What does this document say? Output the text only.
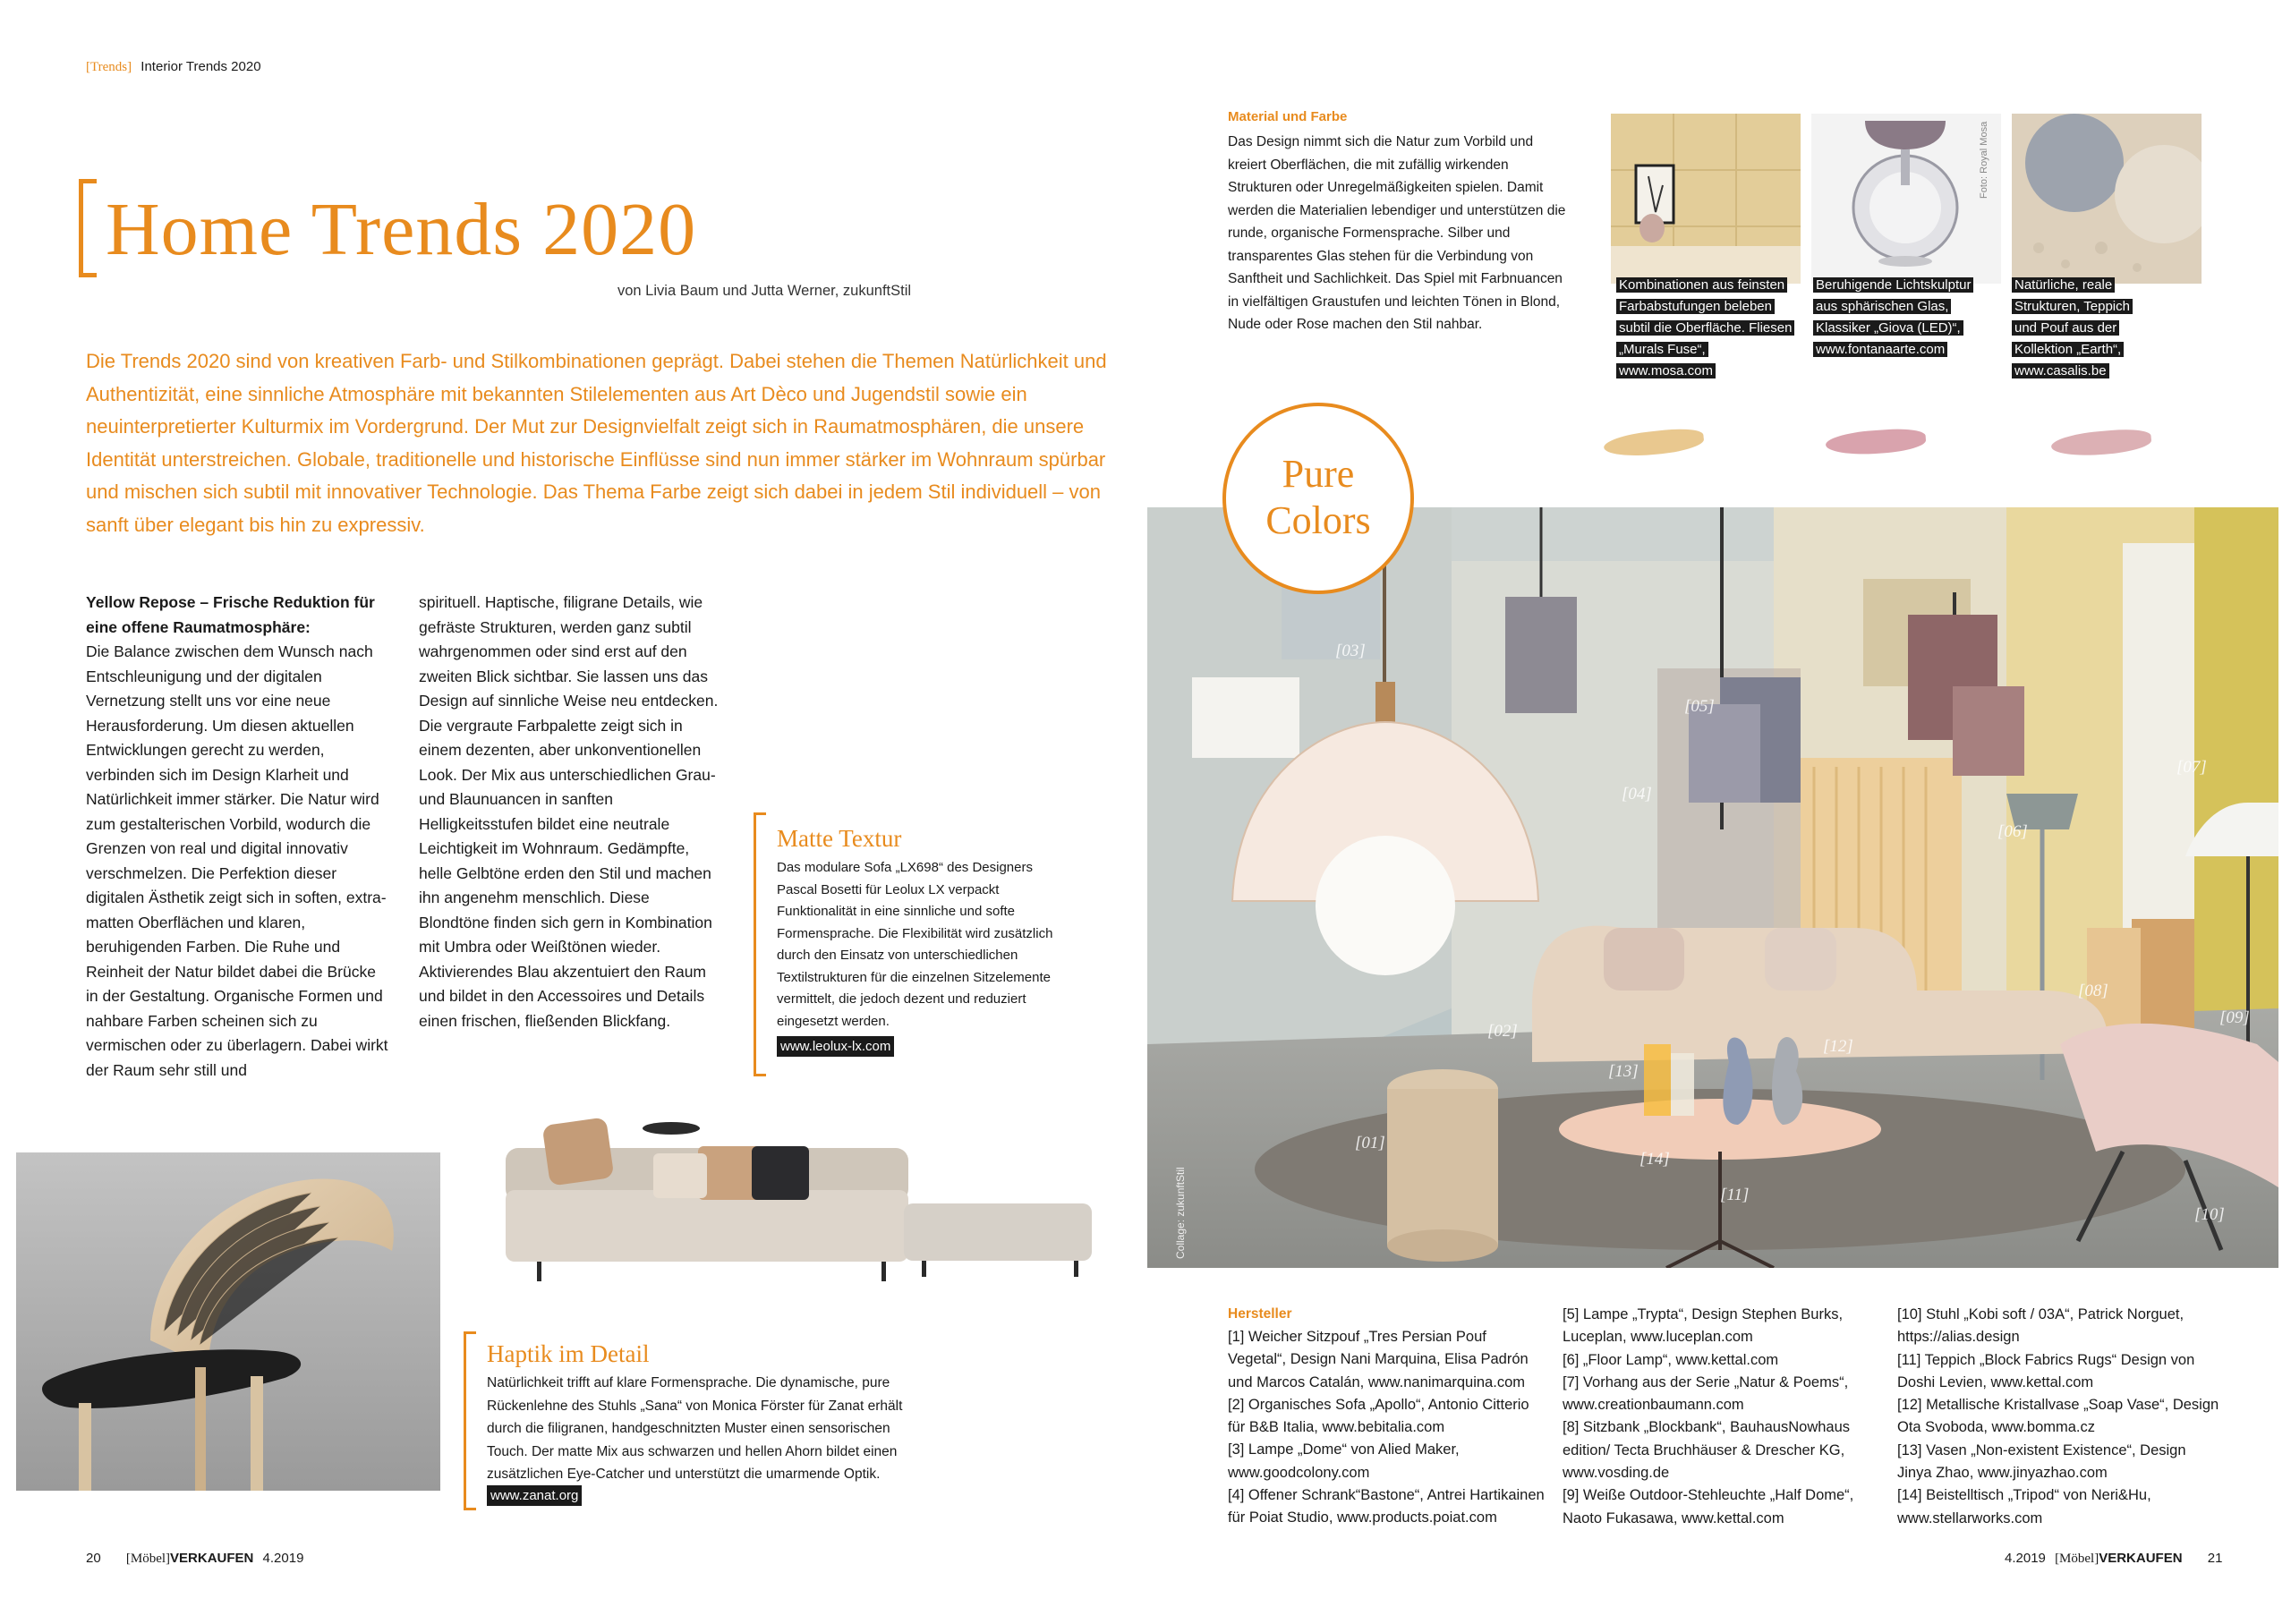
[Trends] Interior Trends 2020
Home Trends 2020
von Livia Baum und Jutta Werner, zukunftStil
Die Trends 2020 sind von kreativen Farb- und Stilkombinationen geprägt. Dabei stehen die Themen Natürlichkeit und Authentizität, eine sinnliche Atmosphäre mit bekannten Stilelementen aus Art Dèco und Jugendstil sowie ein neuinterpretierter Kulturmix im Vordergrund. Der Mut zur Designvielfalt zeigt sich in Raumatmosphären, die unsere Identität unterstreichen. Globale, traditionelle und historische Einflüsse sind nun immer stärker im Wohnraum spürbar und mischen sich subtil mit innovativer Technologie. Das Thema Farbe zeigt sich dabei in jedem Stil individuell – von sanft über elegant bis hin zu expressiv.
Yellow Repose – Frische Reduktion für eine offene Raumatmosphäre:
Die Balance zwischen dem Wunsch nach Entschleunigung und der digitalen Vernetzung stellt uns vor eine neue Herausforderung. Um diesen aktuellen Entwicklungen gerecht zu werden, verbinden sich im Design Klarheit und Natürlichkeit immer stärker. Die Natur wird zum gestalterischen Vorbild, wodurch die Grenzen von real und digital innovativ verschmelzen. Die Perfektion dieser digitalen Ästhetik zeigt sich in soften, extra-matten Oberflächen und klaren, beruhigenden Farben. Die Ruhe und Reinheit der Natur bildet dabei die Brücke in der Gestaltung. Organische Formen und nahbare Farben scheinen sich zu vermischen oder zu überlagern. Dabei wirkt der Raum sehr still und
spirituell. Haptische, filigrane Details, wie gefräste Strukturen, werden ganz subtil wahrgenommen oder sind erst auf den zweiten Blick sichtbar. Sie lassen uns das Design auf sinnliche Weise neu entdecken. Die vergraute Farbpalette zeigt sich in einem dezenten, aber unkonventionellen Look. Der Mix aus unterschiedlichen Grau- und Blaunuancen in sanften Helligkeitsstufen bildet eine neutrale Leichtigkeit im Wohnraum. Gedämpfte, helle Gelbtöne erden den Stil und machen ihn angenehm menschlich. Diese Blondtöne finden sich gern in Kombination mit Umbra oder Weißtönen wieder. Aktivierendes Blau akzentuiert den Raum und bildet in den Accessoires und Details einen frischen, fließenden Blickfang.
Matte Textur
Das modulare Sofa „LX698“ des Designers Pascal Bosetti für Leolux LX verpackt Funktionalität in eine sinnliche und softe Formensprache. Die Flexibilität wird zusätzlich durch den Einsatz von unterschiedlichen Textilstrukturen für die einzelnen Sitzelemente vermittelt, die jedoch dezent und reduziert eingesetzt werden.
www.leolux-lx.com
Haptik im Detail
Natürlichkeit trifft auf klare Formensprache. Die dynamische, pure Rückenlehne des Stuhls „Sana“ von Monica Förster für Zanat erhält durch die filigranen, handgeschnitzten Muster einen sensorischen Touch. Der matte Mix aus schwarzen und hellen Ahorn bildet einen zusätzlichen Eye-Catcher und unterstützt die umarmende Optik.
www.zanat.org
20 [Möbel]VERKAUFEN 4.2019
Material und Farbe
Das Design nimmt sich die Natur zum Vorbild und kreiert Oberflächen, die mit zufällig wirkenden Strukturen oder Unregelmäßigkeiten spielen. Damit werden die Materialien lebendiger und unterstützen die runde, organische Formensprache. Silber und transparentes Glas stehen für die Verbindung von Sanftheit und Sachlichkeit. Das Spiel mit Farbnuancen in vielfältigen Graustufen und leichten Tönen in Blond, Nude oder Rose machen den Stil nahbar.
Foto: Royal Mosa
Kombinationen aus feinsten Farbabstufungen beleben subtil die Oberfläche. Fliesen „Murals Fuse“, www.mosa.com
Beruhigende Lichtskulptur aus sphärischen Glas, Klassiker „Giova (LED)“, www.fontanaarte.com
Natürliche, reale Strukturen, Teppich und Pouf aus der Kollektion „Earth“, www.casalis.be
[03]
[05]
[04]
[06]
[07]
[08]
[09]
[02]
[12]
[13]
[01]
[14]
[11]
[10]
Collage: zukunftStil
Pure
Colors
Hersteller
[1] Weicher Sitzpouf „Tres Persian Pouf Vegetal“, Design Nani Marquina, Elisa Padrón und Marcos Catalán, www.nanimarquina.com
[2] Organisches Sofa „Apollo“, Antonio Citterio für B&B Italia, www.bebitalia.com
[3] Lampe „Dome“ von Alied Maker, www.goodcolony.com
[4] Offener Schrank“Bastone“, Antrei Hartikainen für Poiat Studio, www.products.poiat.com
[5] Lampe „Trypta“, Design Stephen Burks, Luceplan, www.luceplan.com
[6] „Floor Lamp“, www.kettal.com
[7] Vorhang aus der Serie „Natur & Poems“, www.creationbaumann.com
[8] Sitzbank „Blockbank“, BauhausNowhaus edition/ Tecta Bruchhäuser & Drescher KG, www.vosding.de
[9] Weiße Outdoor-Stehleuchte „Half Dome“, Naoto Fukasawa, www.kettal.com
[10] Stuhl „Kobi soft / 03A“, Patrick Norguet, https://alias.design
[11] Teppich „Block Fabrics Rugs“ Design von Doshi Levien, www.kettal.com
[12] Metallische Kristallvase „Soap Vase“, Design Ota Svoboda, www.bomma.cz
[13] Vasen „Non-existent Existence“, Design Jinya Zhao, www.jinyazhao.com
[14] Beistelltisch „Tripod“ von Neri&Hu, www.stellarworks.com
4.2019 [Möbel]VERKAUFEN 21
